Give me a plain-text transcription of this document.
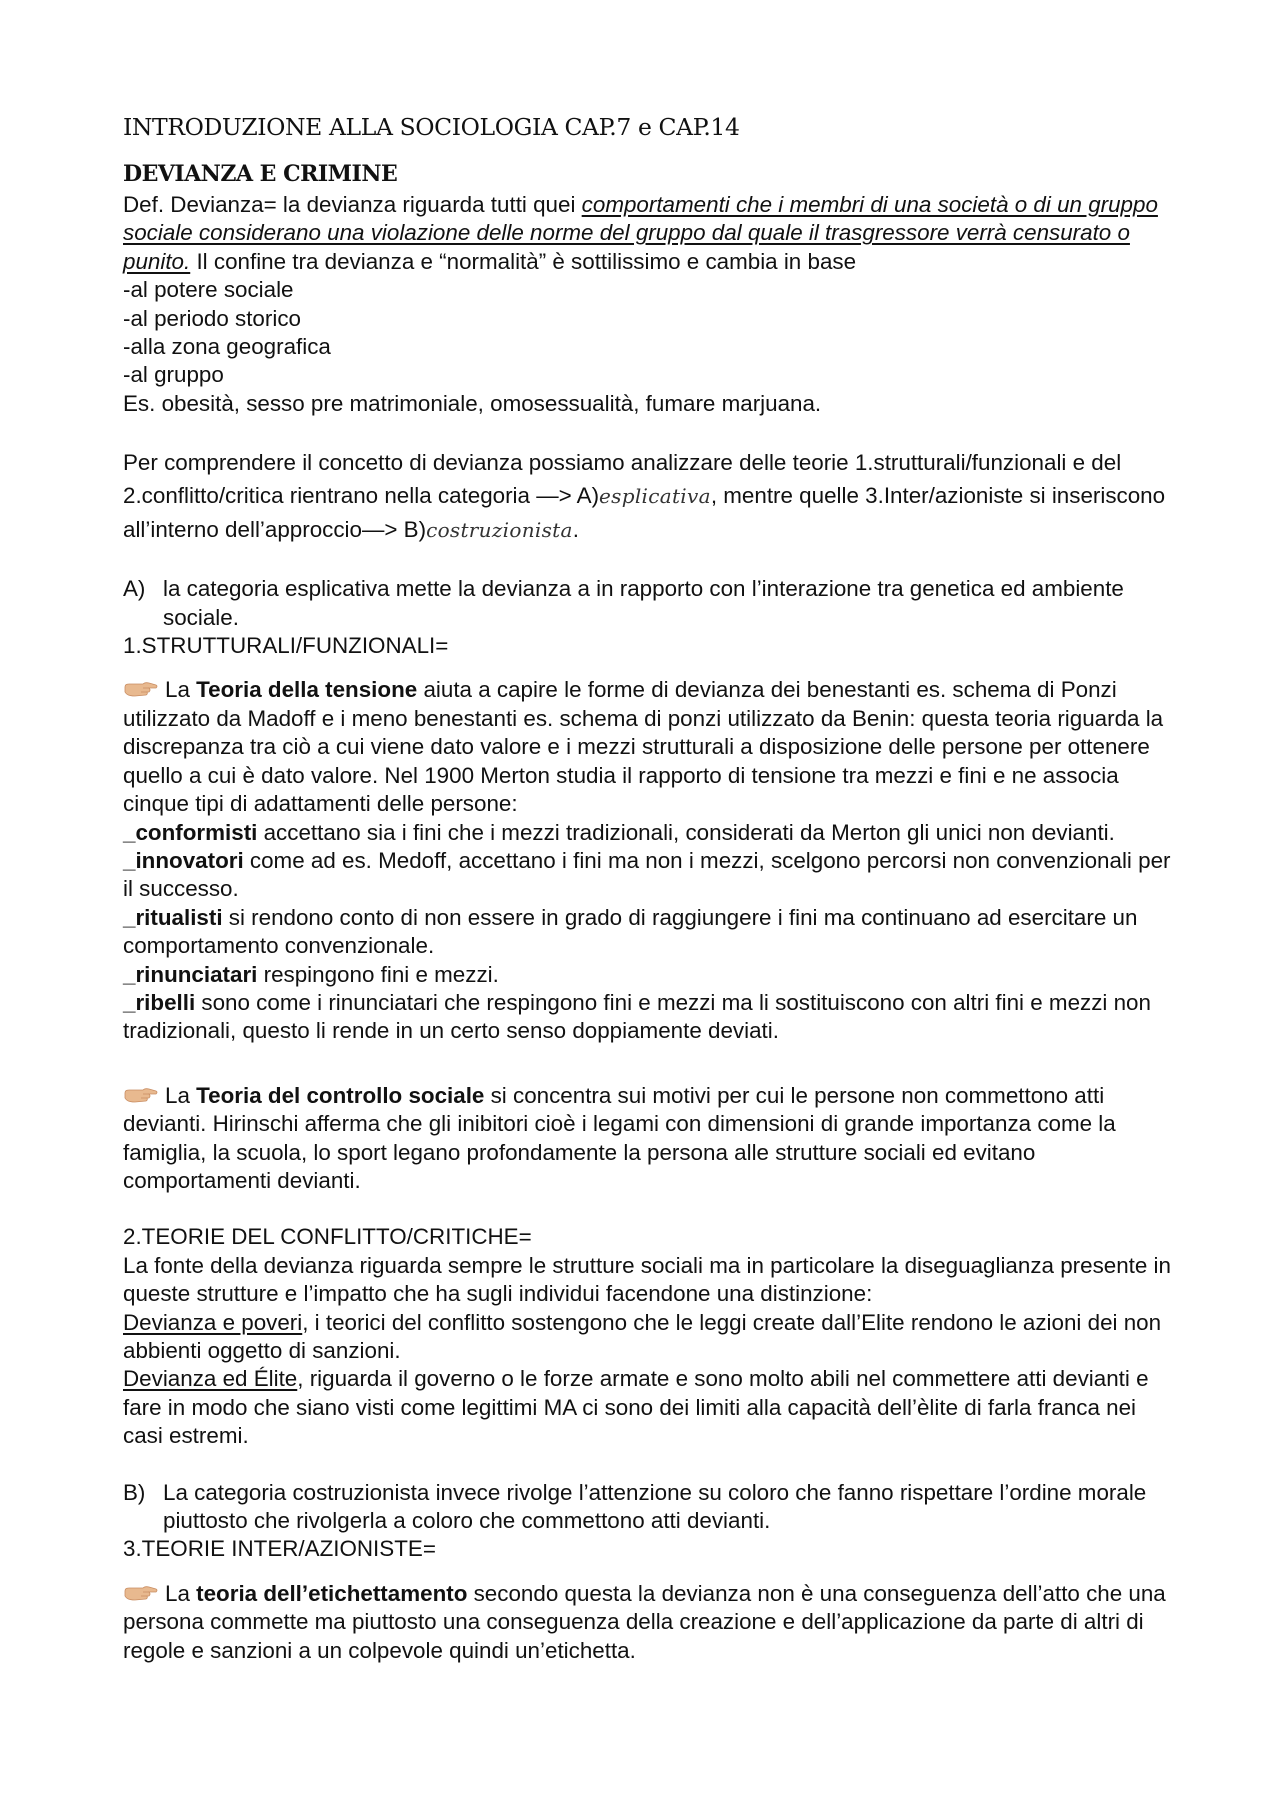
INTRODUZIONE ALLA SOCIOLOGIA CAP.7 e CAP.14

DEVIANZA E CRIMINE

Def. Devianza= la devianza riguarda tutti quei comportamenti che i membri di una società o di un gruppo sociale considerano una violazione delle norme del gruppo dal quale il trasgressore verrà censurato o punito. Il confine tra devianza e “normalità” è sottilissimo e cambia in base

-al potere sociale

-al periodo storico

-alla zona geografica

-al gruppo

Es. obesità, sesso pre matrimoniale, omosessualità, fumare marjuana.

Per comprendere il concetto di devianza possiamo analizzare delle teorie 1.strutturali/funzionali e del 2.conflitto/critica rientrano nella categoria —> A)esplicativa, mentre quelle 3.Inter/azioniste si inseriscono all’interno dell’approccio—> B)costruzionista.

A) la categoria esplicativa mette la devianza a in rapporto con l’interazione tra genetica ed ambiente sociale.

1.STRUTTURALI/FUNZIONALI=

La Teoria della tensione aiuta a capire le forme di devianza dei benestanti es. schema di Ponzi utilizzato da Madoff e i meno benestanti es. schema di ponzi utilizzato da Benin: questa teoria riguarda la discrepanza tra ciò a cui viene dato valore e i mezzi strutturali a disposizione delle persone per ottenere quello a cui è dato valore. Nel 1900 Merton studia il rapporto di tensione tra mezzi e fini e ne associa cinque tipi di adattamenti delle persone:

_conformisti accettano sia i fini che i mezzi tradizionali, considerati da Merton gli unici non devianti.

_innovatori come ad es. Medoff, accettano i fini ma non i mezzi, scelgono percorsi non convenzionali per il successo.

_ritualisti si rendono conto di non essere in grado di raggiungere i fini ma continuano ad esercitare un comportamento convenzionale.

_rinunciatari respingono fini e mezzi.

_ribelli sono come i rinunciatari che respingono fini e mezzi ma li sostituiscono con altri fini e mezzi non tradizionali, questo li rende in un certo senso doppiamente deviati.

La Teoria del controllo sociale si concentra sui motivi per cui le persone non commettono atti devianti. Hirinschi afferma che gli inibitori cioè i legami con dimensioni di grande importanza come la famiglia, la scuola, lo sport legano profondamente la persona alle strutture sociali ed evitano comportamenti devianti.

2.TEORIE DEL CONFLITTO/CRITICHE=

La fonte della devianza riguarda sempre le strutture sociali ma in particolare la diseguaglianza presente in queste strutture e l’impatto che ha sugli individui facendone una distinzione:

Devianza e poveri, i teorici del conflitto sostengono che le leggi create dall’Elite rendono le azioni dei non abbienti oggetto di sanzioni.

Devianza ed Élite, riguarda il governo o le forze armate e sono molto abili nel commettere atti devianti e fare in modo che siano visti come legittimi MA ci sono dei limiti alla capacità dell’èlite di farla franca nei casi estremi.

B) La categoria costruzionista invece rivolge l’attenzione su coloro che fanno rispettare l’ordine morale piuttosto che rivolgerla a coloro che commettono atti devianti.

3.TEORIE INTER/AZIONISTE=

La teoria dell’etichettamento secondo questa la devianza non è una conseguenza dell’atto che una persona commette ma piuttosto una conseguenza della creazione e dell’applicazione da parte di altri di regole e sanzioni a un colpevole quindi un’etichetta.
